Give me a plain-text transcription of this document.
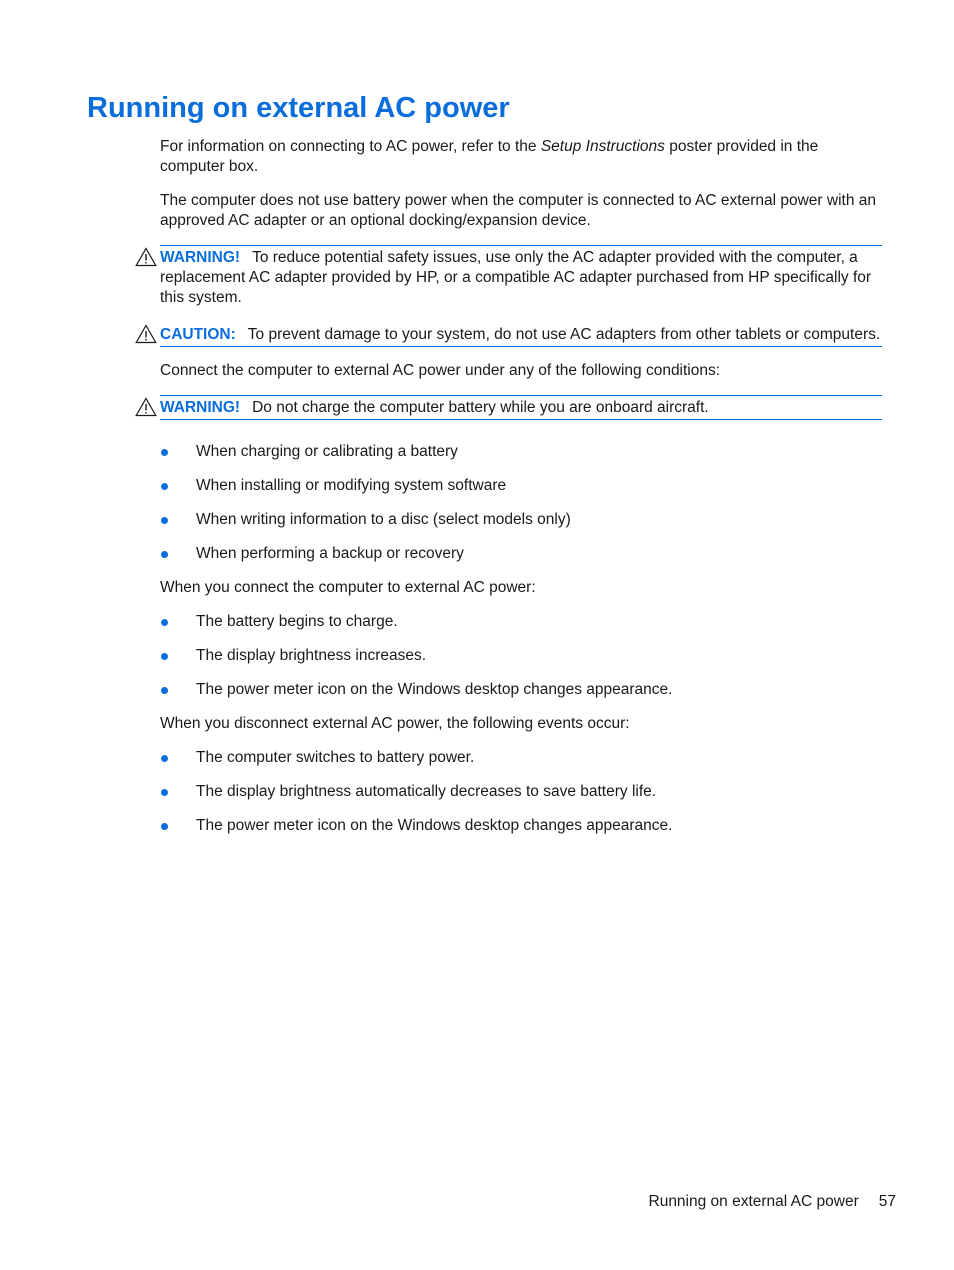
Running on external AC power

For information on connecting to AC power, refer to the Setup Instructions poster provided in the computer box.

The computer does not use battery power when the computer is connected to AC external power with an approved AC adapter or an optional docking/expansion device.

WARNING! To reduce potential safety issues, use only the AC adapter provided with the computer, a replacement AC adapter provided by HP, or a compatible AC adapter purchased from HP specifically for this system.
CAUTION: To prevent damage to your system, do not use AC adapters from other tablets or computers.

Connect the computer to external AC power under any of the following conditions:

WARNING! Do not charge the computer battery while you are onboard aircraft.
When charging or calibrating a battery
When installing or modifying system software
When writing information to a disc (select models only)
When performing a backup or recovery

When you connect the computer to external AC power:

The battery begins to charge.
The display brightness increases.
The power meter icon on the Windows desktop changes appearance.

When you disconnect external AC power, the following events occur:

The computer switches to battery power.
The display brightness automatically decreases to save battery life.
The power meter icon on the Windows desktop changes appearance.
Running on external AC power 57
